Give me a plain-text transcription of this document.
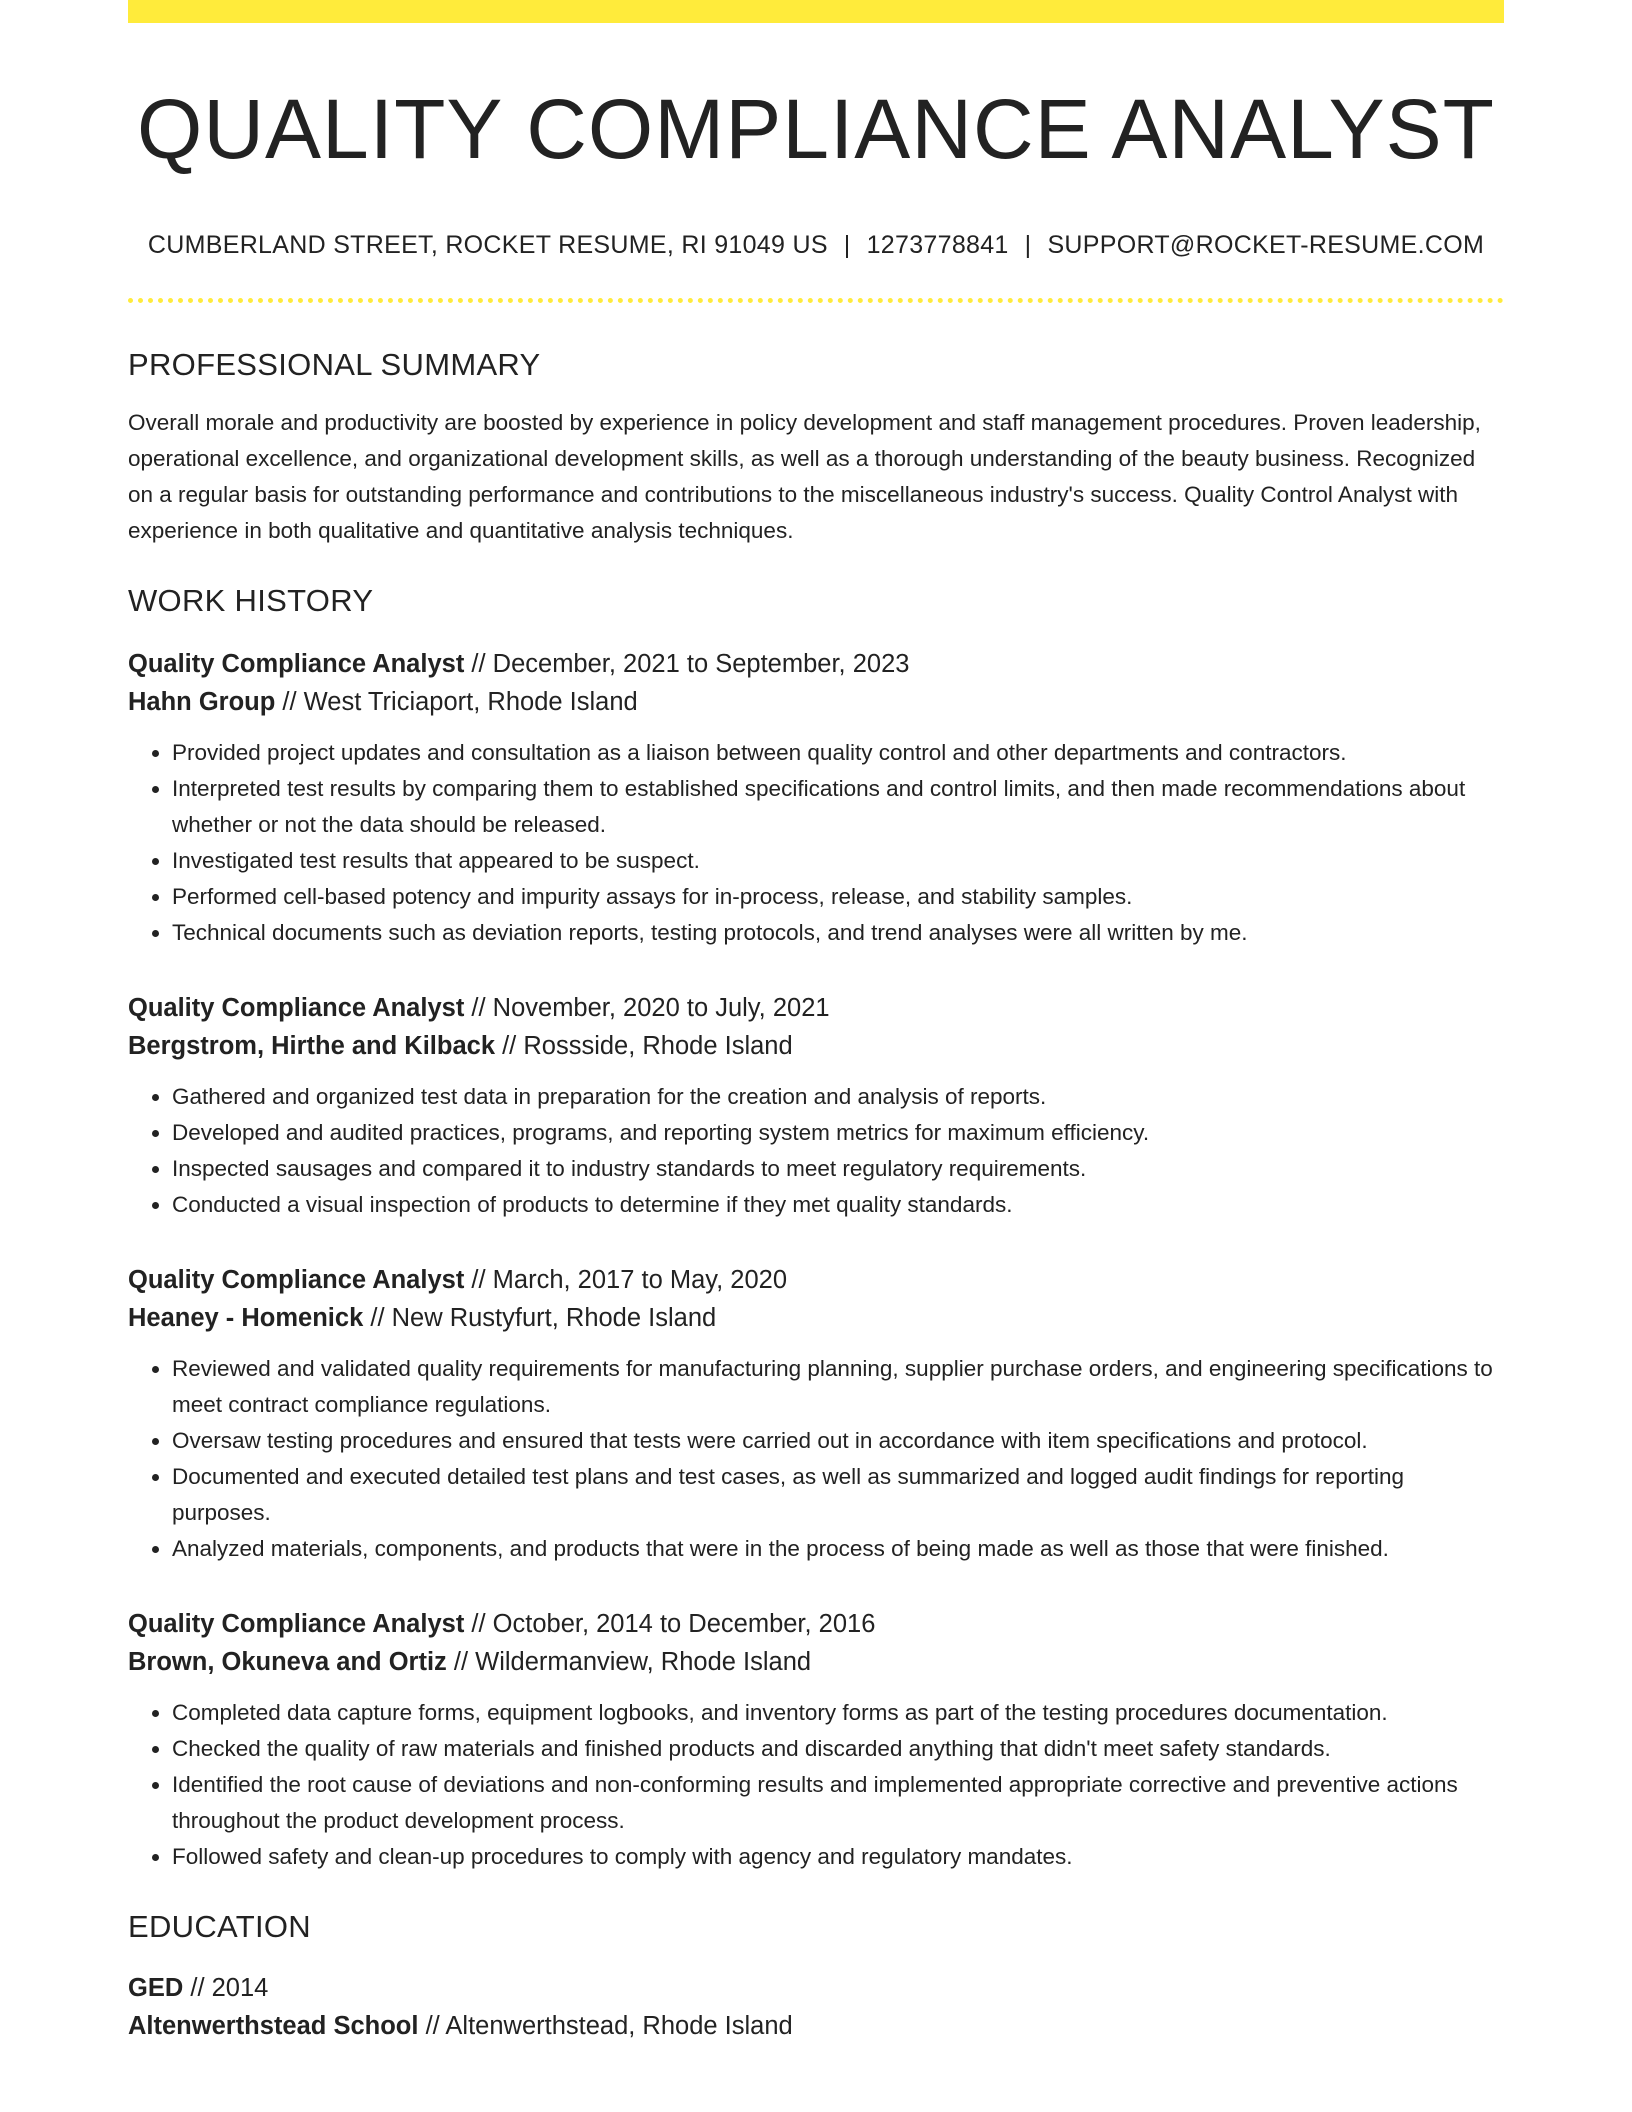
QUALITY COMPLIANCE ANALYST
CUMBERLAND STREET, ROCKET RESUME, RI 91049 US | 1273778841 | SUPPORT@ROCKET-RESUME.COM
PROFESSIONAL SUMMARY
Overall morale and productivity are boosted by experience in policy development and staff management procedures. Proven leadership, operational excellence, and organizational development skills, as well as a thorough understanding of the beauty business. Recognized on a regular basis for outstanding performance and contributions to the miscellaneous industry's success. Quality Control Analyst with experience in both qualitative and quantitative analysis techniques.
WORK HISTORY
Quality Compliance Analyst // December, 2021 to September, 2023
Hahn Group // West Triciaport, Rhode Island
• Provided project updates and consultation as a liaison between quality control and other departments and contractors.
• Interpreted test results by comparing them to established specifications and control limits, and then made recommendations about whether or not the data should be released.
• Investigated test results that appeared to be suspect.
• Performed cell-based potency and impurity assays for in-process, release, and stability samples.
• Technical documents such as deviation reports, testing protocols, and trend analyses were all written by me.
Quality Compliance Analyst // November, 2020 to July, 2021
Bergstrom, Hirthe and Kilback // Rossside, Rhode Island
• Gathered and organized test data in preparation for the creation and analysis of reports.
• Developed and audited practices, programs, and reporting system metrics for maximum efficiency.
• Inspected sausages and compared it to industry standards to meet regulatory requirements.
• Conducted a visual inspection of products to determine if they met quality standards.
Quality Compliance Analyst // March, 2017 to May, 2020
Heaney - Homenick // New Rustyfurt, Rhode Island
• Reviewed and validated quality requirements for manufacturing planning, supplier purchase orders, and engineering specifications to meet contract compliance regulations.
• Oversaw testing procedures and ensured that tests were carried out in accordance with item specifications and protocol.
• Documented and executed detailed test plans and test cases, as well as summarized and logged audit findings for reporting purposes.
• Analyzed materials, components, and products that were in the process of being made as well as those that were finished.
Quality Compliance Analyst // October, 2014 to December, 2016
Brown, Okuneva and Ortiz // Wildermanview, Rhode Island
• Completed data capture forms, equipment logbooks, and inventory forms as part of the testing procedures documentation.
• Checked the quality of raw materials and finished products and discarded anything that didn't meet safety standards.
• Identified the root cause of deviations and non-conforming results and implemented appropriate corrective and preventive actions throughout the product development process.
• Followed safety and clean-up procedures to comply with agency and regulatory mandates.
EDUCATION
GED // 2014
Altenwerthstead School // Altenwerthstead, Rhode Island
